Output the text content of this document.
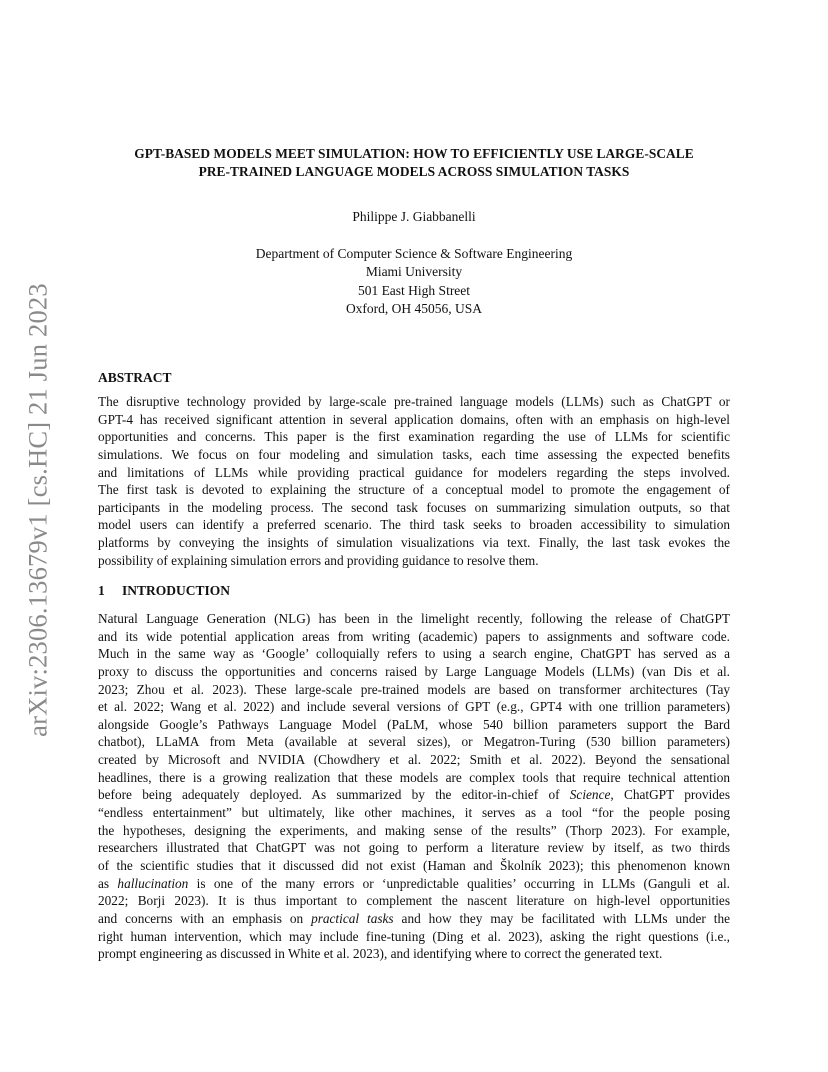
arXiv:2306.13679v1 [cs.HC] 21 Jun 2023
GPT-BASED MODELS MEET SIMULATION: HOW TO EFFICIENTLY USE LARGE-SCALE
PRE-TRAINED LANGUAGE MODELS ACROSS SIMULATION TASKS
Philippe J. Giabbanelli
Department of Computer Science & Software Engineering
Miami University
501 East High Street
Oxford, OH 45056, USA
ABSTRACT
The disruptive technology provided by large-scale pre-trained language models (LLMs) such as ChatGPT or
GPT-4 has received significant attention in several application domains, often with an emphasis on high-level
opportunities and concerns. This paper is the first examination regarding the use of LLMs for scientific
simulations. We focus on four modeling and simulation tasks, each time assessing the expected benefits
and limitations of LLMs while providing practical guidance for modelers regarding the steps involved.
The first task is devoted to explaining the structure of a conceptual model to promote the engagement of
participants in the modeling process. The second task focuses on summarizing simulation outputs, so that
model users can identify a preferred scenario. The third task seeks to broaden accessibility to simulation
platforms by conveying the insights of simulation visualizations via text. Finally, the last task evokes the
possibility of explaining simulation errors and providing guidance to resolve them.
1 INTRODUCTION
Natural Language Generation (NLG) has been in the limelight recently, following the release of ChatGPT
and its wide potential application areas from writing (academic) papers to assignments and software code.
Much in the same way as ‘Google’ colloquially refers to using a search engine, ChatGPT has served as a
proxy to discuss the opportunities and concerns raised by Large Language Models (LLMs) (van Dis et al.
2023; Zhou et al. 2023). These large-scale pre-trained models are based on transformer architectures (Tay
et al. 2022; Wang et al. 2022) and include several versions of GPT (e.g., GPT4 with one trillion parameters)
alongside Google’s Pathways Language Model (PaLM, whose 540 billion parameters support the Bard
chatbot), LLaMA from Meta (available at several sizes), or Megatron-Turing (530 billion parameters)
created by Microsoft and NVIDIA (Chowdhery et al. 2022; Smith et al. 2022). Beyond the sensational
headlines, there is a growing realization that these models are complex tools that require technical attention
before being adequately deployed. As summarized by the editor-in-chief of Science, ChatGPT provides
“endless entertainment” but ultimately, like other machines, it serves as a tool “for the people posing
the hypotheses, designing the experiments, and making sense of the results” (Thorp 2023). For example,
researchers illustrated that ChatGPT was not going to perform a literature review by itself, as two thirds
of the scientific studies that it discussed did not exist (Haman and Školník 2023); this phenomenon known
as hallucination is one of the many errors or ‘unpredictable qualities’ occurring in LLMs (Ganguli et al.
2022; Borji 2023). It is thus important to complement the nascent literature on high-level opportunities
and concerns with an emphasis on practical tasks and how they may be facilitated with LLMs under the
right human intervention, which may include fine-tuning (Ding et al. 2023), asking the right questions (i.e.,
prompt engineering as discussed in White et al. 2023), and identifying where to correct the generated text.
